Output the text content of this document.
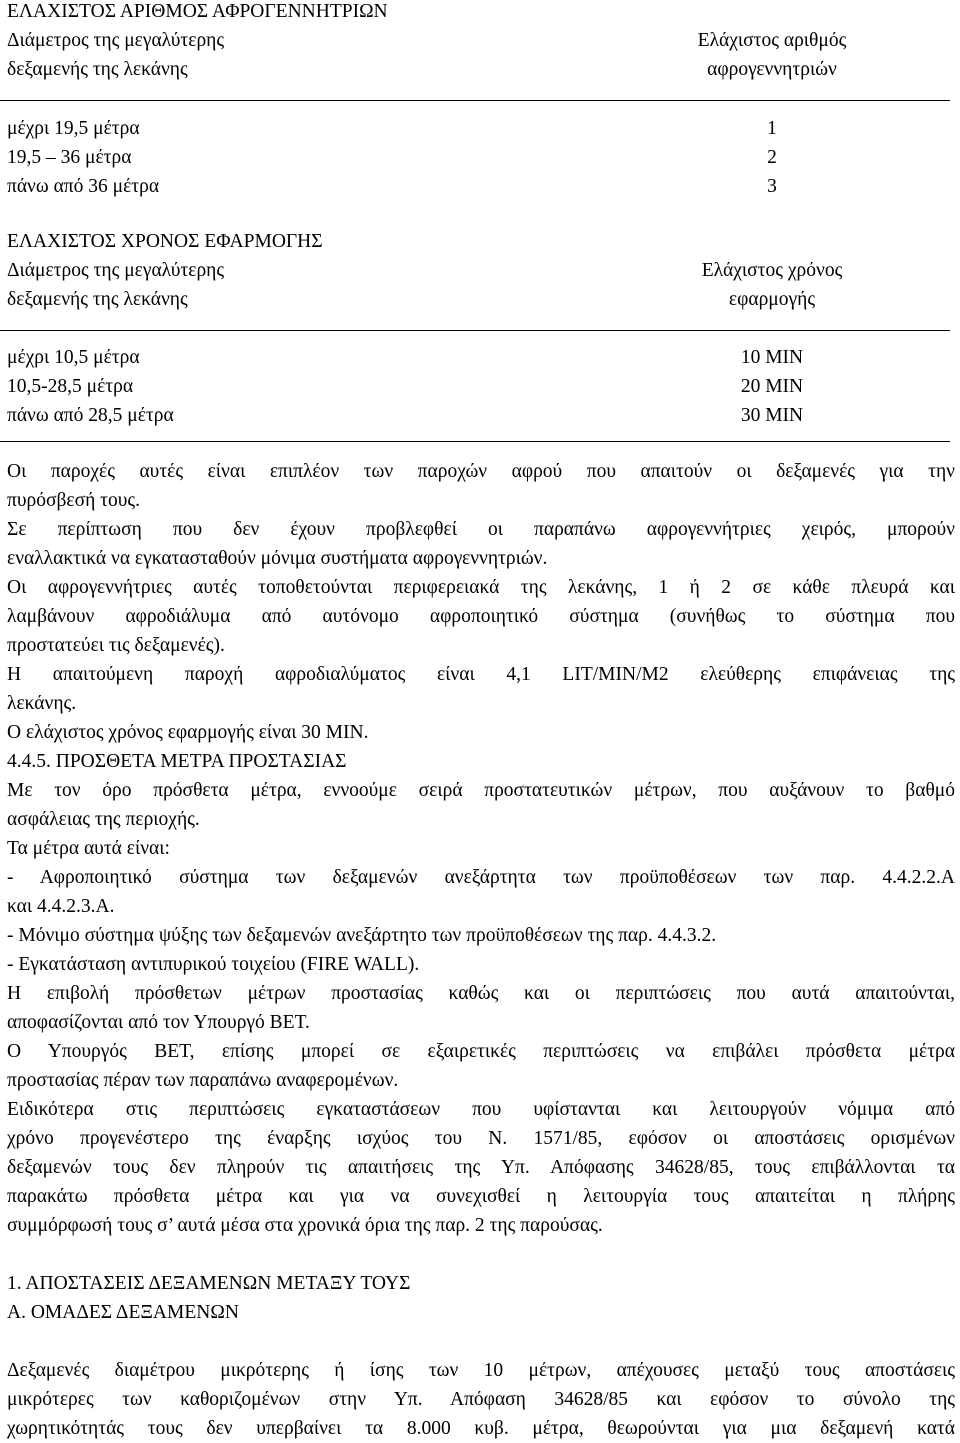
ΕΛΑΧΙΣΤΟΣ ΑΡΙΘΜΟΣ ΑΦΡΟΓΕΝΝΗΤΡΙΩΝ
Διάμετρος της μεγαλύτερης	Ελάχιστος αριθμός
δεξαμενής της λεκάνης	αφρογεννητριών
μέχρι 19,5 μέτρα	1
19,5 – 36 μέτρα	2
πάνω από 36 μέτρα	3
ΕΛΑΧΙΣΤΟΣ ΧΡΟΝΟΣ ΕΦΑΡΜΟΓΗΣ
Διάμετρος της μεγαλύτερης	Ελάχιστος χρόνος
δεξαμενής της λεκάνης	εφαρμογής
μέχρι 10,5 μέτρα	10 MIN
10,5-28,5 μέτρα	20 MIN
πάνω από 28,5 μέτρα	30 MIN
Οι παροχές αυτές είναι επιπλέον των παροχών αφρού που απαιτούν οι δεξαμενές για την
πυρόσβεσή τους.
Σε περίπτωση που δεν έχουν προβλεφθεί οι παραπάνω αφρογεννήτριες χειρός, μπορούν
εναλλακτικά να εγκατασταθούν μόνιμα συστήματα αφρογεννητριών.
Οι αφρογεννήτριες αυτές τοποθετούνται περιφερειακά της λεκάνης, 1 ή 2 σε κάθε πλευρά και
λαμβάνουν αφροδιάλυμα από αυτόνομο αφροποιητικό σύστημα (συνήθως το σύστημα που
προστατεύει τις δεξαμενές).
Η απαιτούμενη παροχή αφροδιαλύματος είναι 4,1 LIT/MIN/M2 ελεύθερης επιφάνειας της
λεκάνης.
Ο ελάχιστος χρόνος εφαρμογής είναι 30 MIN.
4.4.5. ΠΡΟΣΘΕΤΑ ΜΕΤΡΑ ΠΡΟΣΤΑΣΙΑΣ
Με τον όρο πρόσθετα μέτρα, εννοούμε σειρά προστατευτικών μέτρων, που αυξάνουν το βαθμό
ασφάλειας της περιοχής.
Τα μέτρα αυτά είναι:
- Αφροποιητικό σύστημα των δεξαμενών ανεξάρτητα των προϋποθέσεων των παρ. 4.4.2.2.Α
και 4.4.2.3.Α.
- Μόνιμο σύστημα ψύξης των δεξαμενών ανεξάρτητο των προϋποθέσεων της παρ. 4.4.3.2.
- Εγκατάσταση αντιπυρικού τοιχείου (FIRE WALL).
Η επιβολή πρόσθετων μέτρων προστασίας καθώς και οι περιπτώσεις που αυτά απαιτούνται,
αποφασίζονται από τον Υπουργό ΒΕΤ.
Ο Υπουργός ΒΕΤ, επίσης μπορεί σε εξαιρετικές περιπτώσεις να επιβάλει πρόσθετα μέτρα
προστασίας πέραν των παραπάνω αναφερομένων.
Ειδικότερα στις περιπτώσεις εγκαταστάσεων που υφίστανται και λειτουργούν νόμιμα από
χρόνο προγενέστερο της έναρξης ισχύος του Ν. 1571/85, εφόσον οι αποστάσεις ορισμένων
δεξαμενών τους δεν πληρούν τις απαιτήσεις της Υπ. Απόφασης 34628/85, τους επιβάλλονται τα
παρακάτω πρόσθετα μέτρα και για να συνεχισθεί η λειτουργία τους απαιτείται η πλήρης
συμμόρφωσή τους σ’ αυτά μέσα στα χρονικά όρια της παρ. 2 της παρούσας.
1. ΑΠΟΣΤΑΣΕΙΣ ΔΕΞΑΜΕΝΩΝ ΜΕΤΑΞΥ ΤΟΥΣ
Α. ΟΜΑΔΕΣ ΔΕΞΑΜΕΝΩΝ
Δεξαμενές διαμέτρου μικρότερης ή ίσης των 10 μέτρων, απέχουσες μεταξύ τους αποστάσεις
μικρότερες των καθοριζομένων στην Υπ. Απόφαση 34628/85 και εφόσον το σύνολο της
χωρητικότητάς τους δεν υπερβαίνει τα 8.000 κυβ. μέτρα, θεωρούνται για μια δεξαμενή κατά
